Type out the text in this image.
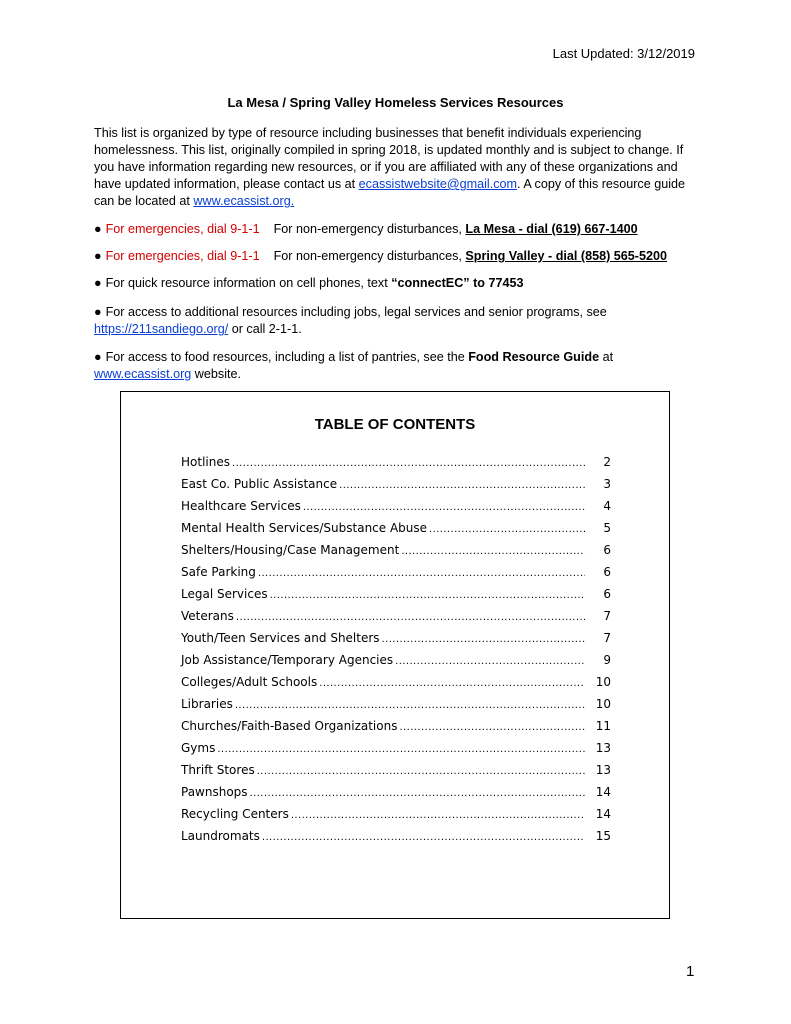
Last Updated: 3/12/2019
La Mesa / Spring Valley Homeless Services Resources
This list is organized by type of resource including businesses that benefit individuals experiencing homelessness. This list, originally compiled in spring 2018, is updated monthly and is subject to change. If you have information regarding new resources, or if you are affiliated with any of these organizations and have updated information, please contact us at ecassistwebsite@gmail.com. A copy of this resource guide can be located at www.ecassist.org.
● For emergencies, dial 9-1-1 For non-emergency disturbances, La Mesa - dial (619) 667-1400
● For emergencies, dial 9-1-1 For non-emergency disturbances, Spring Valley - dial (858) 565-5200
● For quick resource information on cell phones, text “connectEC” to 77453
● For access to additional resources including jobs, legal services and senior programs, see https://211sandiego.org/ or call 2-1-1.
● For access to food resources, including a list of pantries, see the Food Resource Guide at www.ecassist.org website.
TABLE OF CONTENTS
Hotlines .....	2
East Co. Public Assistance .....	3
Healthcare Services .....	4
Mental Health Services/Substance Abuse .....	5
Shelters/Housing/Case Management .....	6
Safe Parking .....	6
Legal Services .....	6
Veterans .....	7
Youth/Teen Services and Shelters .....	7
Job Assistance/Temporary Agencies .....	9
Colleges/Adult Schools .....	10
Libraries .....	10
Churches/Faith-Based Organizations .....	11
Gyms .....	13
Thrift Stores .....	13
Pawnshops .....	14
Recycling Centers .....	14
Laundromats .....	15
1
